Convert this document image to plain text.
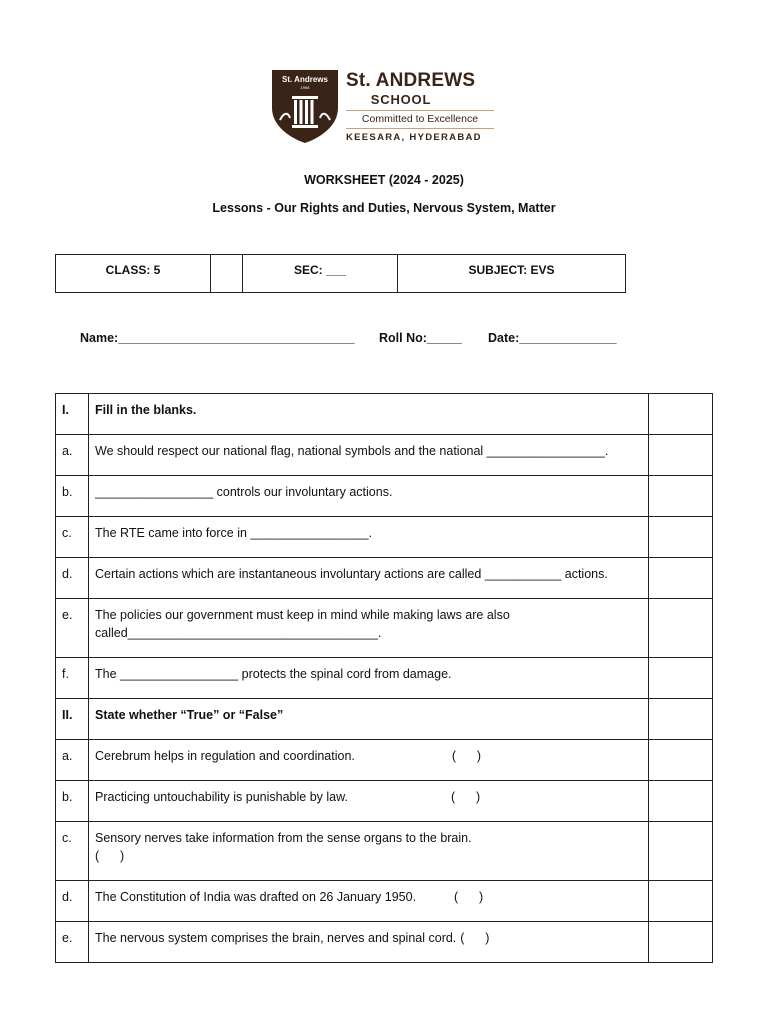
St. Andrews
1998 St. ANDREWS
SCHOOL
Committed to Excellence
KEESARA, HYDERABAD
WORKSHEET (2024 - 2025)
Lessons - Our Rights and Duties, Nervous System, Matter
CLASS: 5		SEC: ___	SUBJECT: EVS
Name:__________________________________ Roll No:_____ Date:______________
I.	Fill in the blanks.	
a.	We should respect our national flag, national symbols and the national _________________.	
b.	_________________ controls our involuntary actions.	
c.	The RTE came into force in _________________.	
d.	Certain actions which are instantaneous involuntary actions are called ___________ actions.	
e.	The policies our government must keep in mind while making laws are also called____________________________________.	
f.	The _________________ protects the spinal cord from damage.	
II.	State whether “True” or “False”	
a.	Cerebrum helps in regulation and coordination. (      )	
b.	Practicing untouchability is punishable by law. (      )	
c.	Sensory nerves take information from the sense organs to the brain.
(      )	

d.	The Constitution of India was drafted on 26 January 1950. (      )	
e.	The nervous system comprises the brain, nerves and spinal cord. (      )	
